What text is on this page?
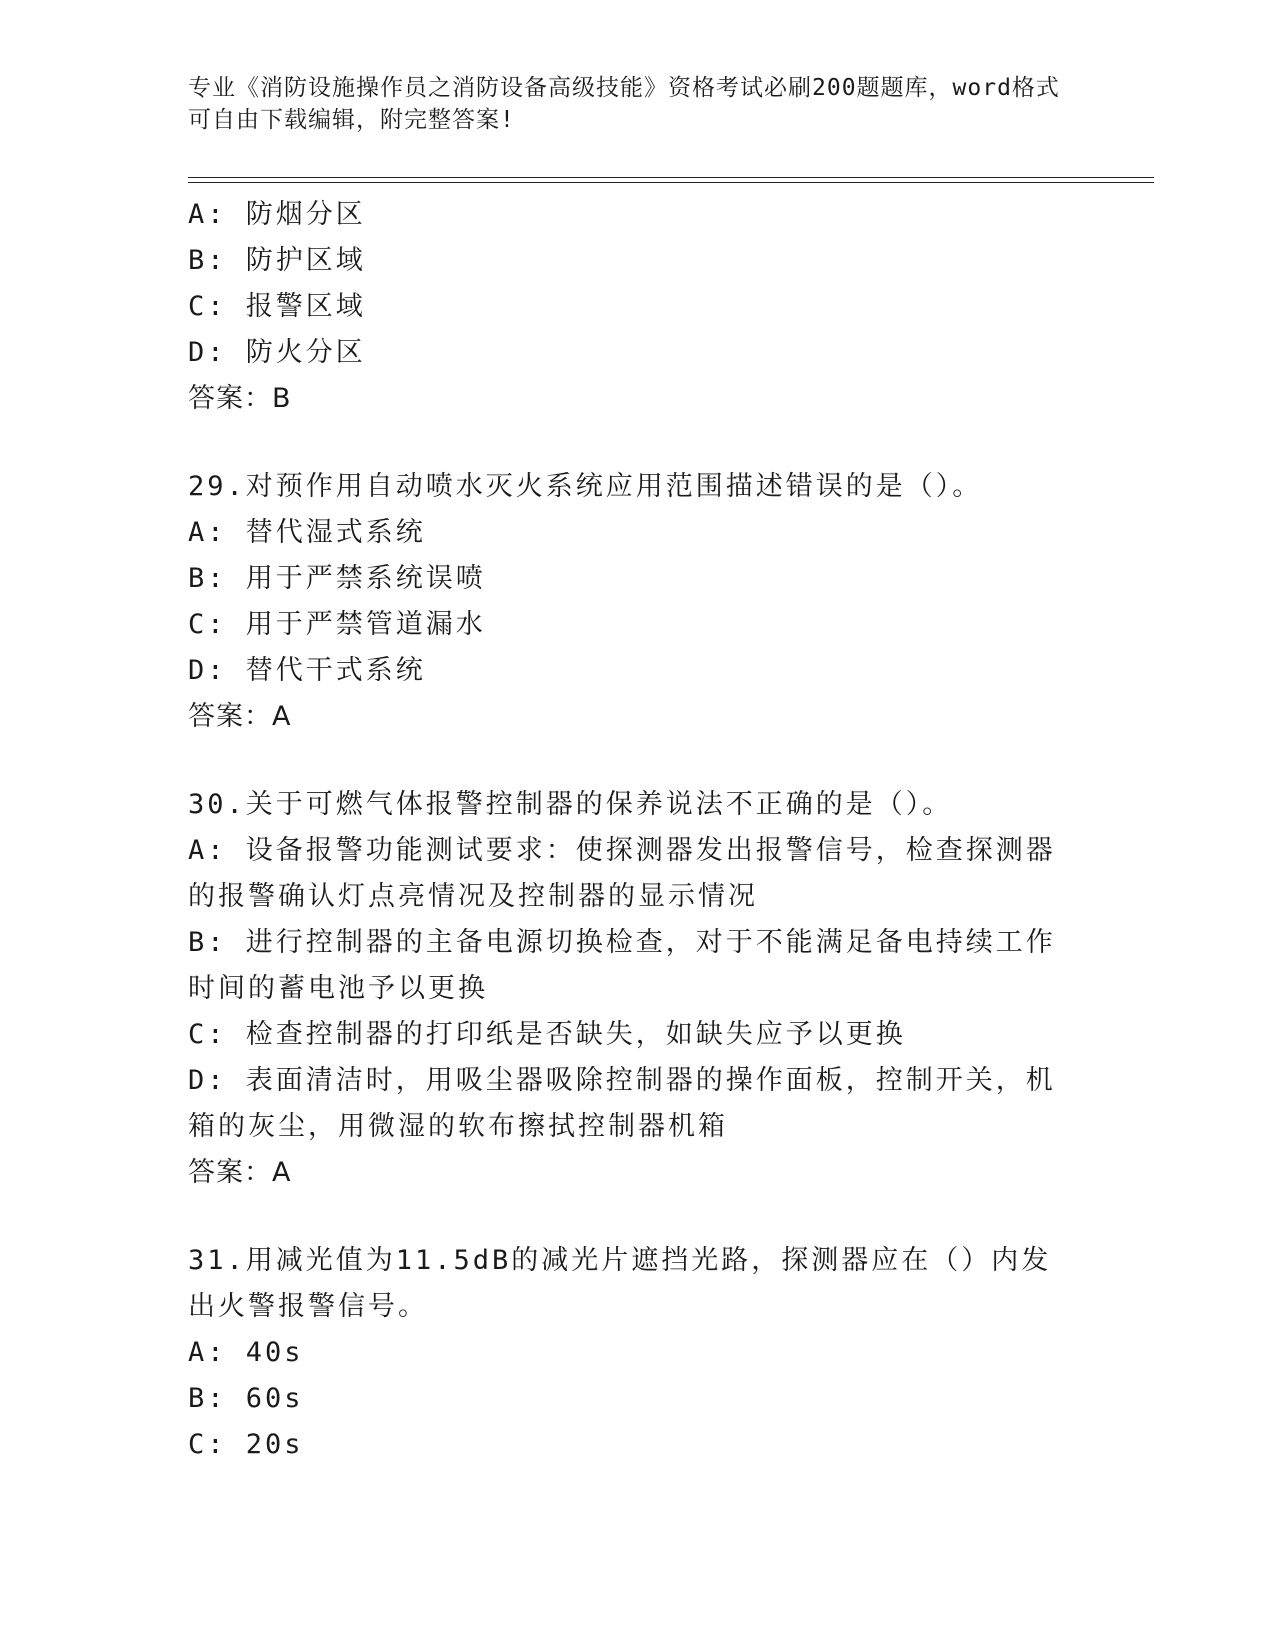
专业《消防设施操作员之消防设备高级技能》资格考试必刷200题题库，word格式可自由下载编辑，附完整答案!
A: 防烟分区
B: 防护区域
C: 报警区域
D: 防火分区
答案：B
29.对预作用自动喷水灭火系统应用范围描述错误的是（）。
A: 替代湿式系统
B: 用于严禁系统误喷
C: 用于严禁管道漏水
D: 替代干式系统
答案：A
30.关于可燃气体报警控制器的保养说法不正确的是（）。
A: 设备报警功能测试要求：使探测器发出报警信号，检查探测器的报警确认灯点亮情况及控制器的显示情况
B: 进行控制器的主备电源切换检查，对于不能满足备电持续工作时间的蓄电池予以更换
C: 检查控制器的打印纸是否缺失，如缺失应予以更换
D: 表面清洁时，用吸尘器吸除控制器的操作面板，控制开关，机箱的灰尘，用微湿的软布擦拭控制器机箱
答案：A
31.用减光值为11.5dB的减光片遮挡光路，探测器应在（）内发出火警报警信号。
A: 40s
B: 60s
C: 20s
